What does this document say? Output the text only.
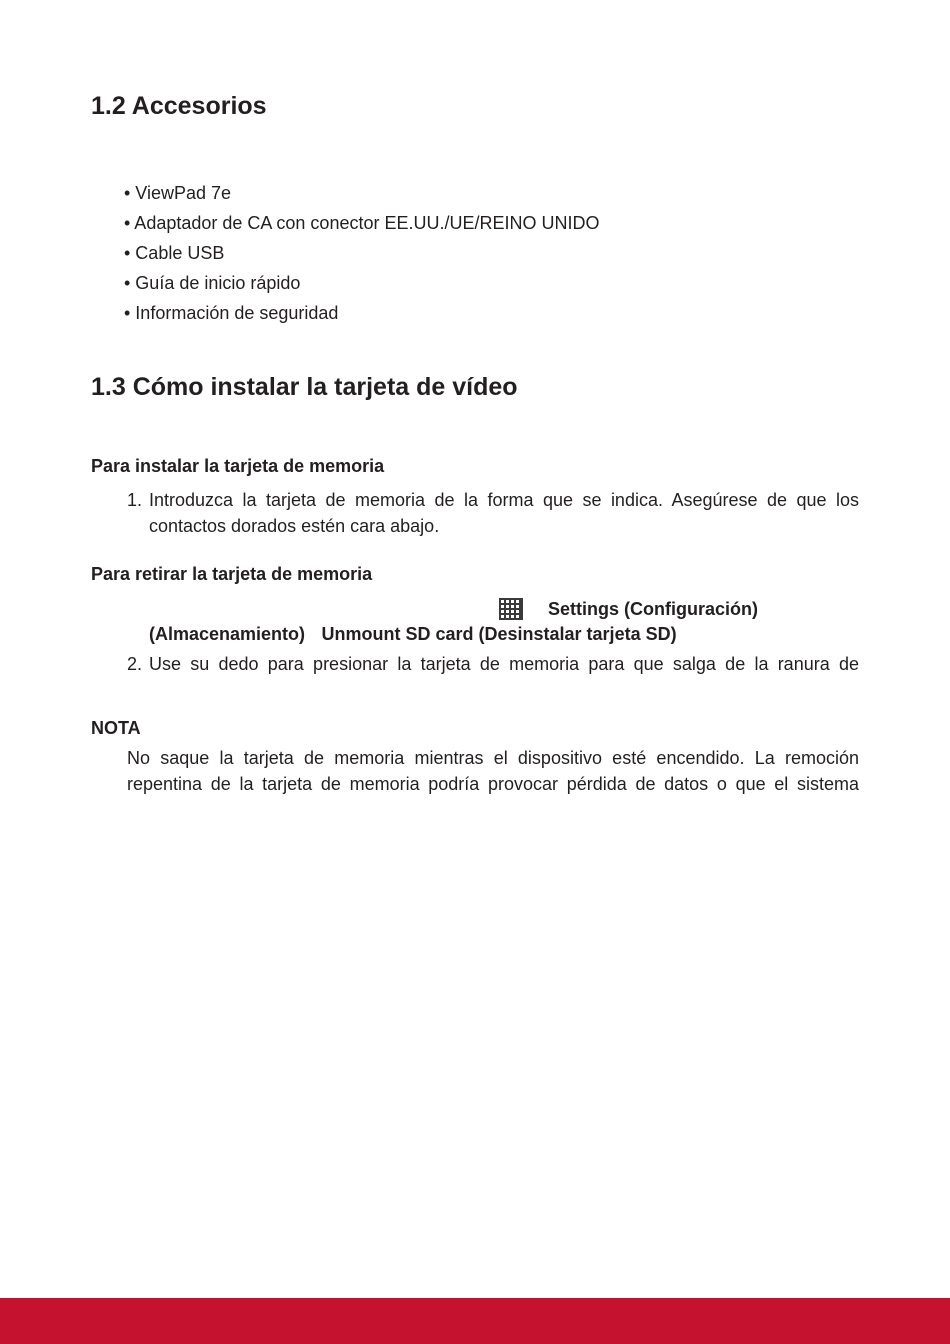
1.2 Accesorios
• ViewPad 7e
• Adaptador de CA con conector EE.UU./UE/REINO UNIDO
• Cable USB
• Guía de inicio rápido
• Información de seguridad
1.3 Cómo instalar la tarjeta de vídeo
Para instalar la tarjeta de memoria
1. Introduzca la tarjeta de memoria de la forma que se indica. Asegúrese de que los
contactos dorados estén cara abajo.
Para retirar la tarjeta de memoria
Settings (Configuración)
(Almacenamiento) Unmount SD card (Desinstalar tarjeta SD)
2. Use su dedo para presionar la tarjeta de memoria para que salga de la ranura de
NOTA
No saque la tarjeta de memoria mientras el dispositivo esté encendido. La remoción
repentina de la tarjeta de memoria podría provocar pérdida de datos o que el sistema
